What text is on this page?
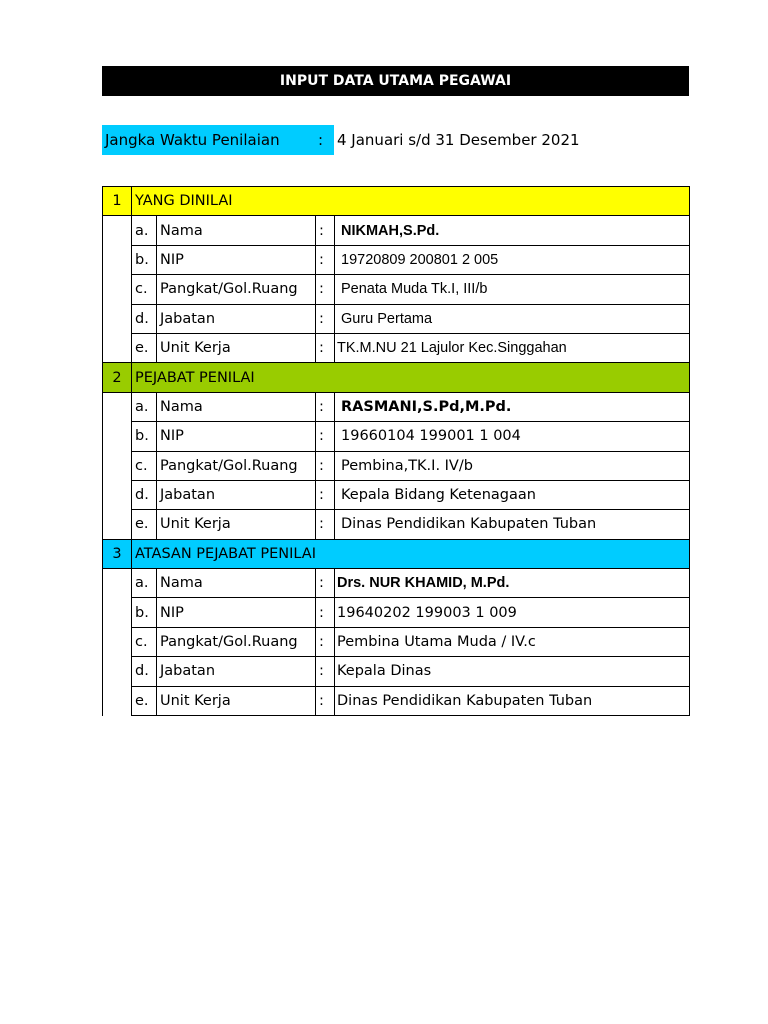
INPUT DATA UTAMA PEGAWAI
Jangka Waktu Penilaian	: 4 Januari s/d 31 Desember 2021
1	YANG DINILAI			
	a.	Nama	:	NIKMAH,S.Pd.
	b.	NIP	:	19720809 200801 2 005
	c.	Pangkat/Gol.Ruang	:	Penata Muda Tk.I, III/b
	d.	Jabatan	:	Guru Pertama
	e.	Unit Kerja	:	TK.M.NU 21 Lajulor Kec.Singgahan
2	PEJABAT PENILAI			
	a.	Nama	:	RASMANI,S.Pd,M.Pd.
	b.	NIP	:	19660104 199001 1 004
	c.	Pangkat/Gol.Ruang	:	Pembina,TK.I. IV/b
	d.	Jabatan	:	Kepala Bidang Ketenagaan
	e.	Unit Kerja	:	Dinas Pendidikan Kabupaten Tuban
3	ATASAN PEJABAT PENILAI			
	a.	Nama	:	Drs. NUR KHAMID, M.Pd.
	b.	NIP	:	19640202 199003 1 009
	c.	Pangkat/Gol.Ruang	:	Pembina Utama Muda / IV.c
	d.	Jabatan	:	Kepala Dinas
	e.	Unit Kerja	:	Dinas Pendidikan Kabupaten Tuban
